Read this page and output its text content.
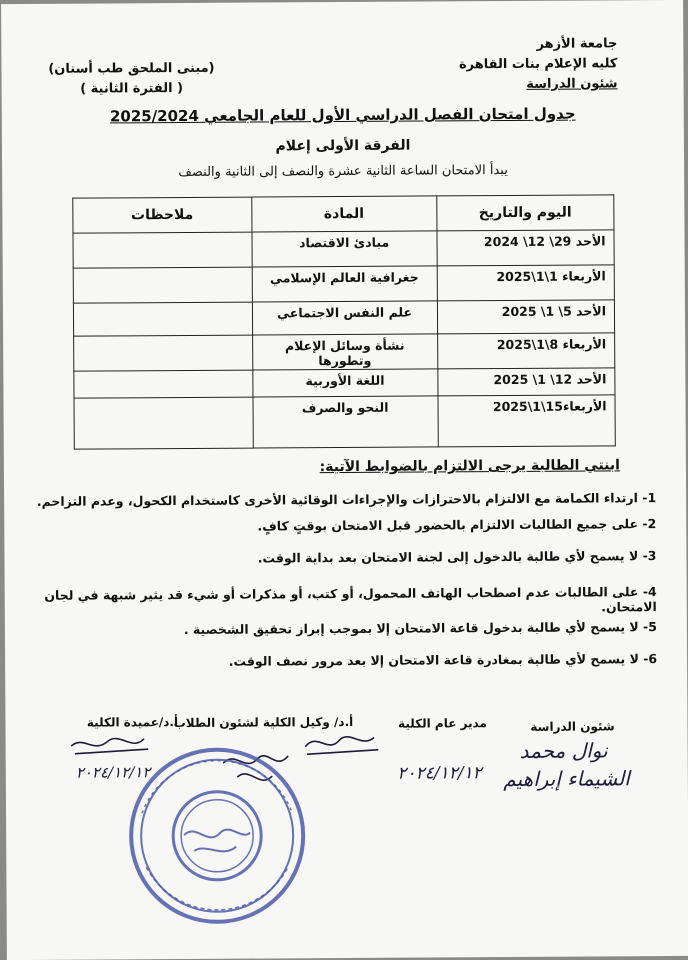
جامعة الأزهر
كليه الإعلام بنات القاهرة
شئون الدراسة
(مبنى الملحق طب أسنان)
( الفترة الثانية )
جدول امتحان الفصل الدراسي الأول للعام الجامعي 2025/2024
الفرقة الأولى إعلام
يبدأ الامتحان الساعة الثانية عشرة والنصف إلى الثانية والنصف
اليوم والتاريخ	المادة	ملاحظات
الأحد 29\ 12\ 2024	مبادئ الاقتصاد	
الأربعاء 1\1\2025	جغرافية العالم الإسلامي	
الأحد 5\ 1\ 2025	علم النفس الاجتماعي	
الأربعاء 8\1\2025	نشأة وسائل الإعلام وتطورها	
الأحد 12\ 1\ 2025	اللغة الأوربية	
الأربعاء15\1\2025	النحو والصرف	
ابنتي الطالبة يرجى الالتزام بالضوابط الآتية:
1- ارتداء الكمامة مع الالتزام بالاحترازات والإجراءات الوقائية الأخرى كاستخدام الكحول، وعدم التزاحم.
2- على جميع الطالبات الالتزام بالحضور قبل الامتحان بوقتٍ كافٍ.
3- لا يسمح لأي طالبة بالدخول إلى لجنة الامتحان بعد بداية الوقت.
4- على الطالبات عدم اصطحاب الهاتف المحمول، أو كتب، أو مذكرات أو شيء قد يثير شبهة في لجان الامتحان.
5- لا يسمح لأي طالبة بدخول قاعة الامتحان إلا بموجب إبراز تحقيق الشخصية .
6- لا يسمح لأي طالبة بمغادرة قاعة الامتحان إلا بعد مرور نصف الوقت.
شئون الدراسة
مدير عام الكلية
أ.د/ وكيل الكلية لشئون الطلاب
أ.د/عميدة الكلية
نوال محمد
الشيماء إبراهيم
٢٠٢٤/١٢/١٢
٢٠٢٤/١٢/١٢
